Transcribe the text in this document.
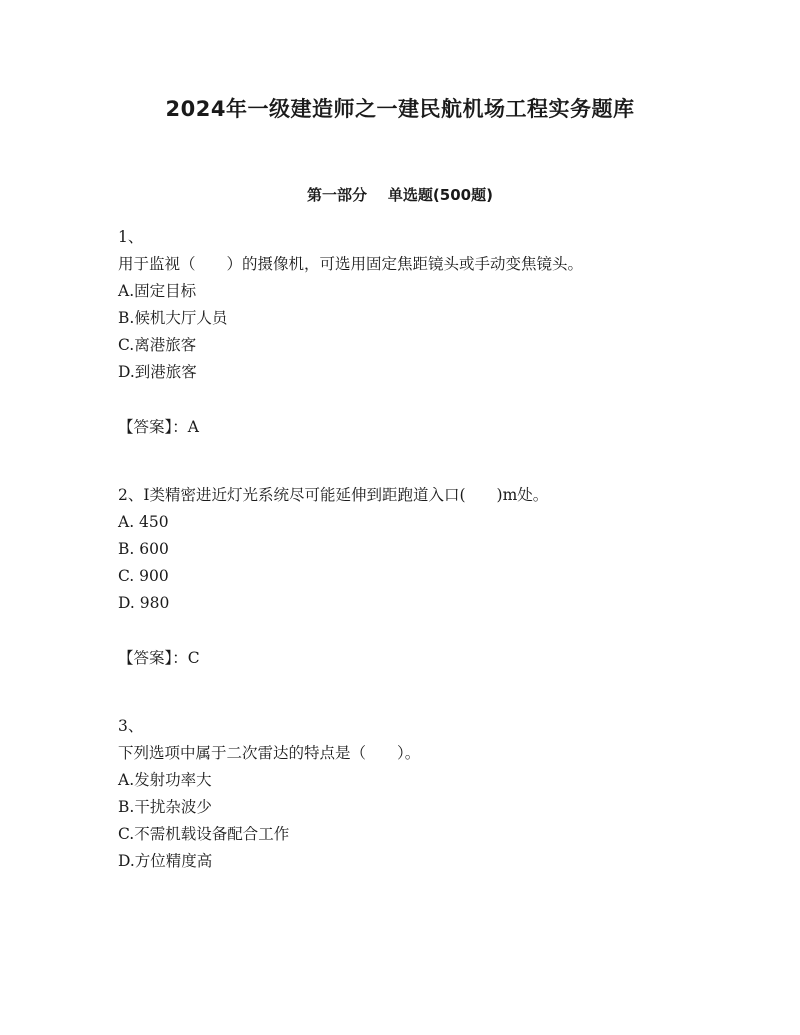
2024年一级建造师之一建民航机场工程实务题库
第一部分    单选题(500题)

1、

用于监视（　　）的摄像机，可选用固定焦距镜头或手动变焦镜头。

A.固定目标

B.候机大厅人员

C.离港旅客

D.到港旅客

【答案】：A

2、Ⅰ类精密进近灯光系统尽可能延伸到距跑道入口(　　)m处。

A. 450

B. 600

C. 900

D. 980

【答案】：C

3、

下列选项中属于二次雷达的特点是（　　）。

A.发射功率大

B.干扰杂波少

C.不需机载设备配合工作

D.方位精度高
